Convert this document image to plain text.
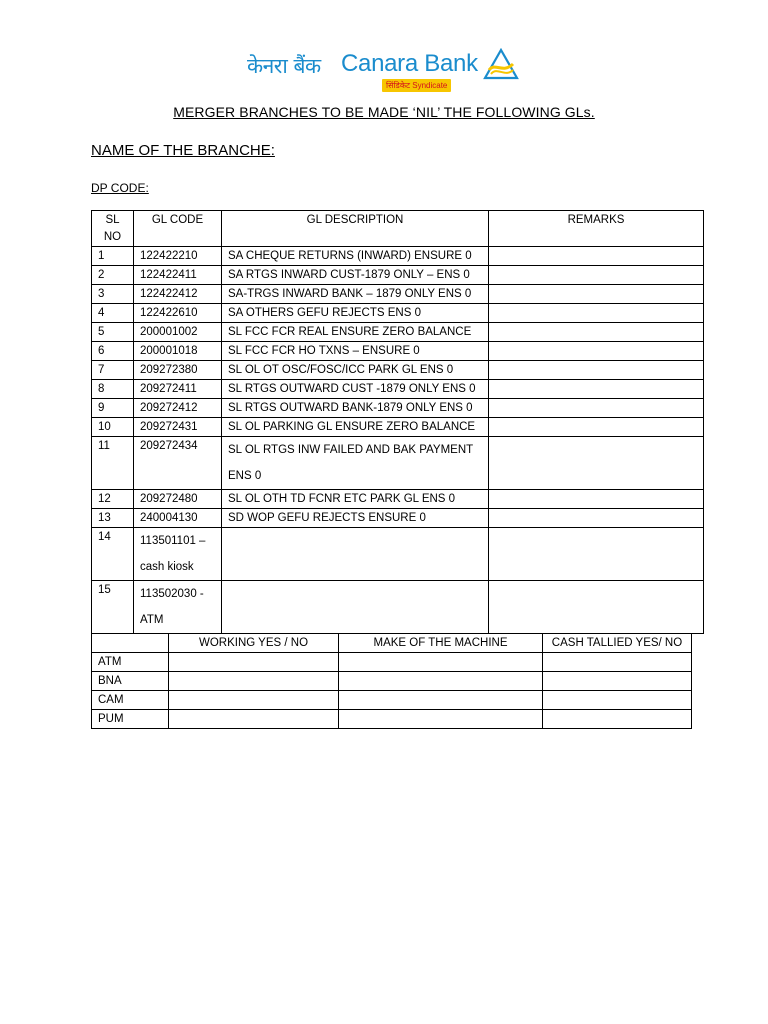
केनरा बैंक Canara Bank
सिंडिकेट Syndicate
MERGER BRANCHES TO BE MADE ‘NIL’ THE FOLLOWING GLs.
NAME OF THE BRANCHE:
DP CODE:
SL
NO	GL CODE	GL DESCRIPTION	REMARKS
1	122422210	SA CHEQUE RETURNS (INWARD) ENSURE 0	
2	122422411	SA RTGS INWARD CUST-1879 ONLY – ENS 0	
3	122422412	SA-TRGS INWARD BANK – 1879 ONLY ENS 0	
4	122422610	SA OTHERS GEFU REJECTS ENS 0	
5	200001002	SL FCC FCR REAL ENSURE ZERO BALANCE	
6	200001018	SL FCC FCR HO TXNS – ENSURE 0	
7	209272380	SL OL OT OSC/FOSC/ICC PARK GL ENS 0	
8	209272411	SL RTGS OUTWARD CUST -1879 ONLY ENS 0	
9	209272412	SL RTGS OUTWARD BANK-1879 ONLY ENS 0	
10	209272431	SL OL PARKING GL ENSURE ZERO BALANCE	
11	209272434	SL OL RTGS INW FAILED AND BAK PAYMENT
ENS 0	

12	209272480	SL OL OTH TD FCNR ETC PARK GL ENS 0	
13	240004130	SD WOP GEFU REJECTS ENSURE 0	
14	113501101 –
cash kiosk		

15	113502030 -
ATM		

	WORKING YES / NO	MAKE OF THE MACHINE	CASH TALLIED YES/ NO
ATM			
BNA			
CAM			
PUM			
